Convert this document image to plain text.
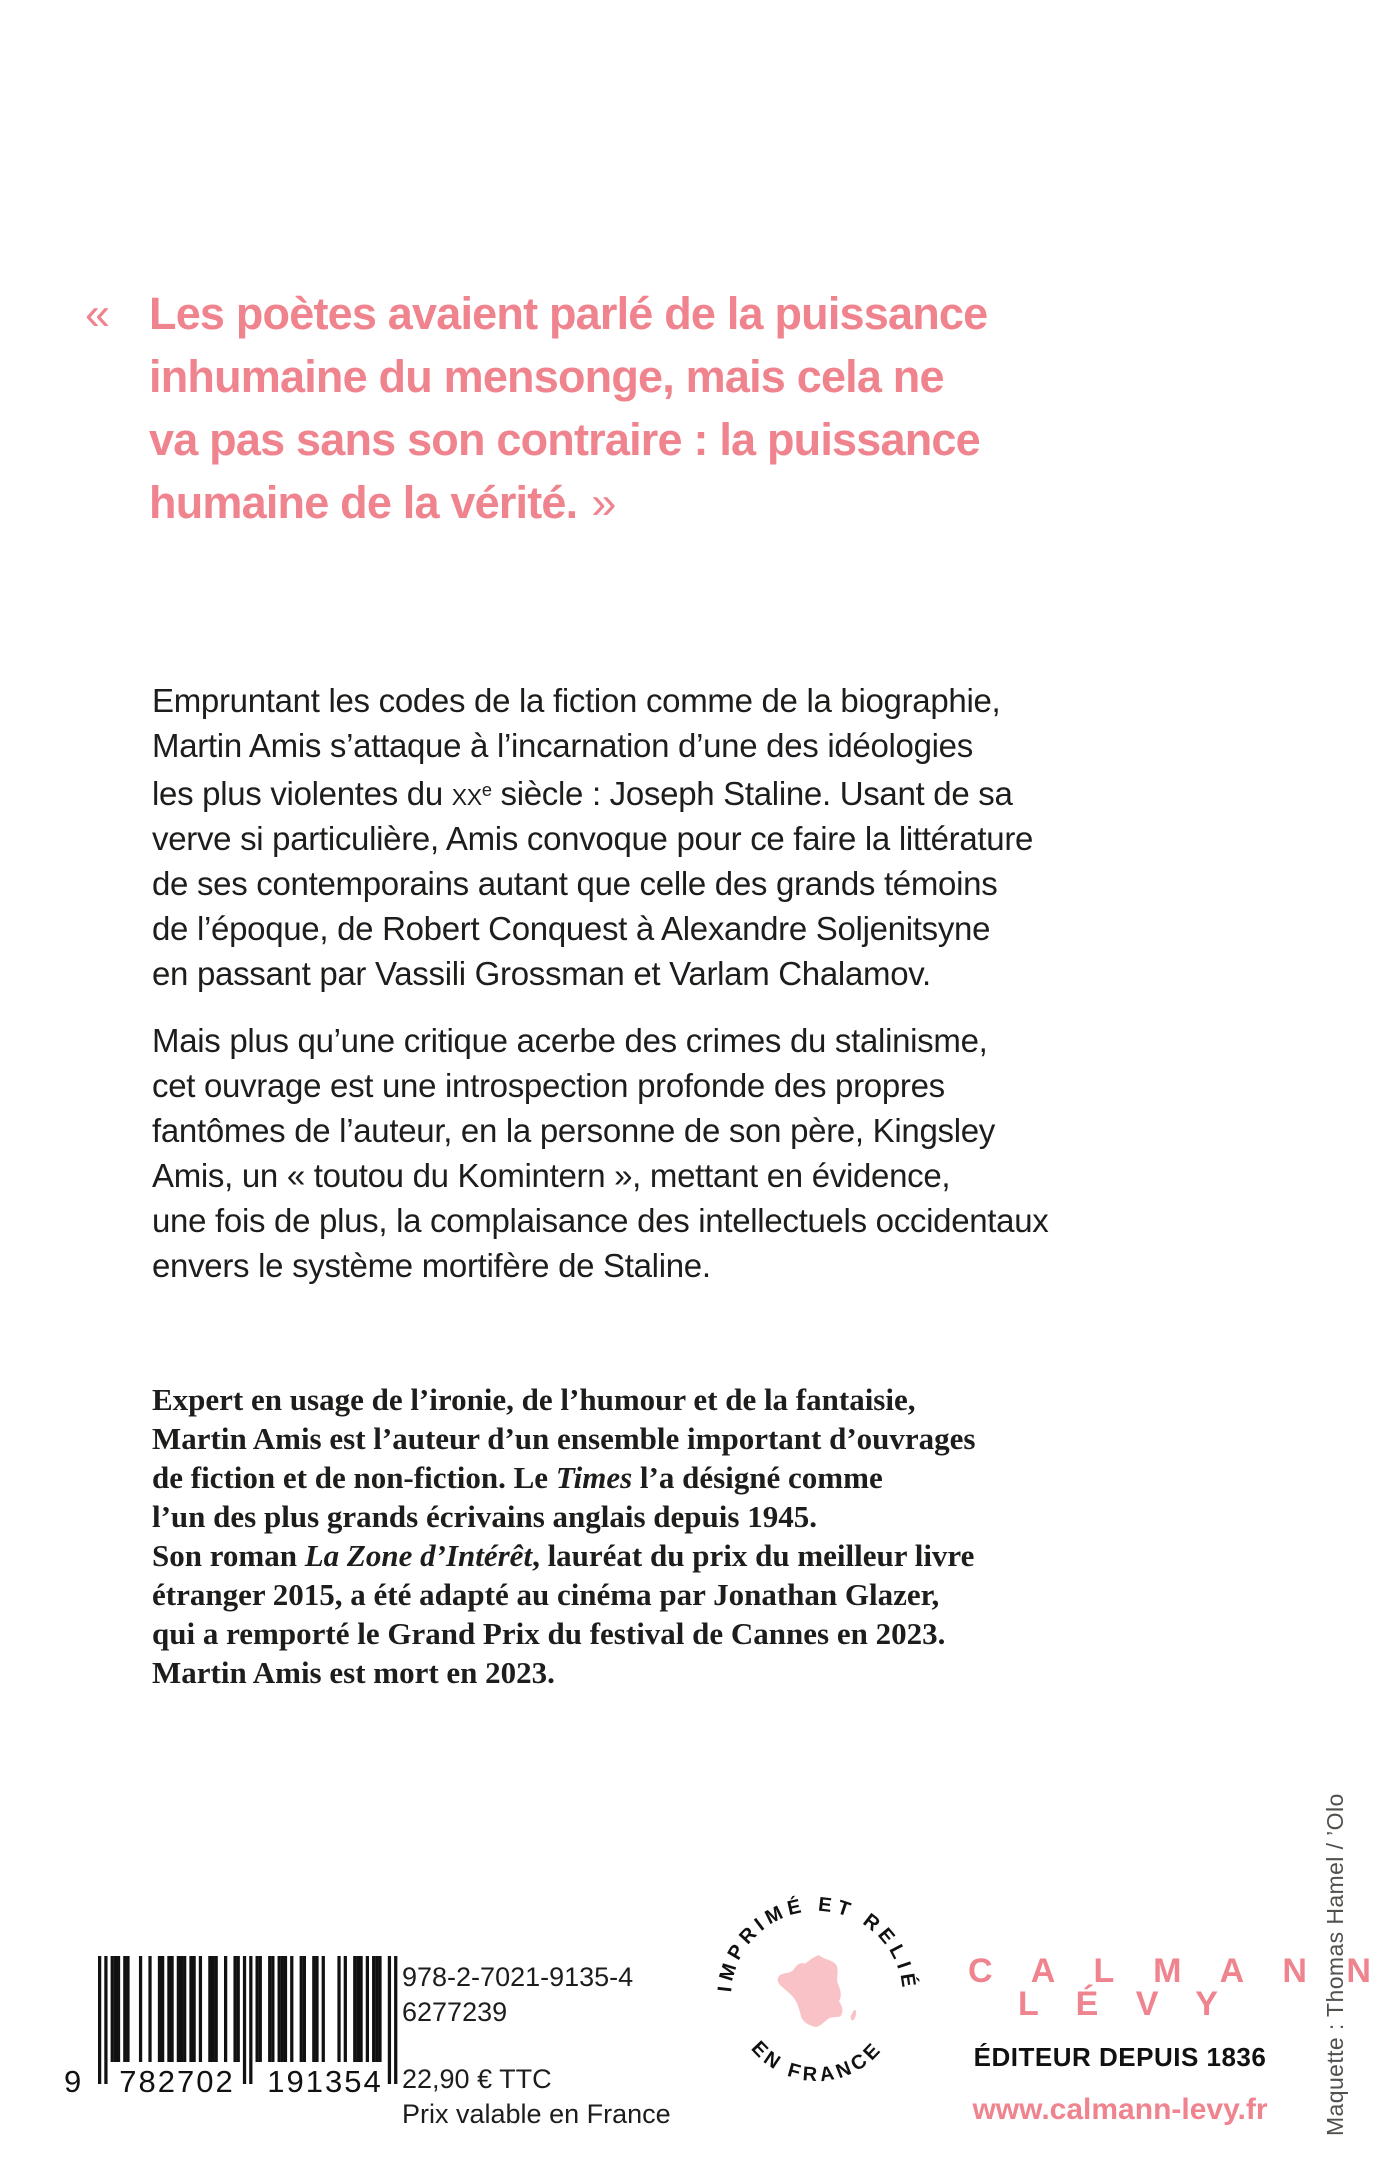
« Les poètes avaient parlé de la puissance
inhumaine du mensonge, mais cela ne
va pas sans son contraire : la puissance
humaine de la vérité. »
Empruntant les codes de la fiction comme de la biographie,
Martin Amis s’attaque à l’incarnation d’une des idéologies
les plus violentes du $xx^e$ siècle : Joseph Staline. Usant de sa
verve si particulière, Amis convoque pour ce faire la littérature
de ses contemporains autant que celle des grands témoins
de l’époque, de Robert Conquest à Alexandre Soljenitsyne
en passant par Vassili Grossman et Varlam Chalamov.
Mais plus qu’une critique acerbe des crimes du stalinisme,
cet ouvrage est une introspection profonde des propres
fantômes de l’auteur, en la personne de son père, Kingsley
Amis, un « toutou du Komintern », mettant en évidence,
une fois de plus, la complaisance des intellectuels occidentaux
envers le système mortifère de Staline.
Expert en usage de l’ironie, de l’humour et de la fantaisie,
Martin Amis est l’auteur d’un ensemble important d’ouvrages
de fiction et de non-fiction. Le Times l’a désigné comme
l’un des plus grands écrivains anglais depuis 1945.
Son roman La Zone d’Intérêt, lauréat du prix du meilleur livre
étranger 2015, a été adapté au cinéma par Jonathan Glazer,
qui a remporté le Grand Prix du festival de Cannes en 2023.
Martin Amis est mort en 2023.
9 782702 191354
978-2-7021-9135-4
6277239
22,90 € TTC
Prix valable en France
IMPRIMÉ ET RELIÉ
EN FRANCE
C A L M A N N
L É V Y
ÉDITEUR DEPUIS 1836
www.calmann-levy.fr	Maquette : Thomas Hamel / ’Olo
